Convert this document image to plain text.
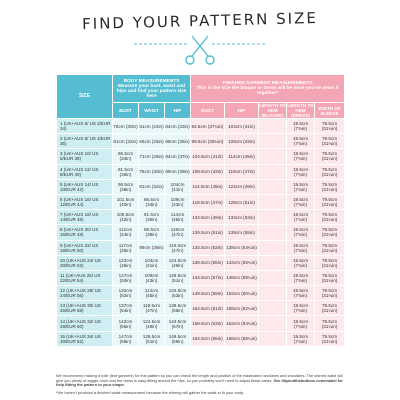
FIND YOUR PATTERN SIZE
SIZE	BODY MEASUREMENTS
Measure your bust, waist and hips and find your pattern size here			FINISHED GARMENT MEASUREMENTS
This is the size the blouse or dress will be once you've sewn it together*				
	BUST	WAIST	HIP	BUST	HIP	LENGTH TO HEM (BLOUSE)	LENGTH TO HEM (DRESS)	WIDTH OF SLEEVE
1 (UK+AUS 6/ US 2/EUR 34)	76cm (30in)	61cm (24in)	84cm (33in)	94.5cm (37¼in)	104cm (41in)		19.5cm (7¾in)	79.5cm (31¼in)
2 (UK+AUS 8/ US 4/EUR 36)	81cm (32in)	66cm (26in)	89cm (35in)	99.5cm (39¼in)	109cm (43in)		19.5cm (7¾in)	79.5cm (31¼in)
3 (UK+AUS 10/ US 6/EUR 38)	86.5cm (34in)	71cm (28in)	94cm (37in)	104.5cm (41in)	114cm (45in)		19.5cm (7¾in)	79.5cm (31¼in)
4 (UK+AUS 12/ US 8/EUR 40)	91.5cm (36in)	76cm (30in)	99cm (39in)	109.5cm (43in)	119cm (47in)		19.5cm (7¾in)	79.5cm (31¼in)
5 (UK+AUS 14/ US 10/EUR 42)	96.5cm (38in)	81cm (32in)	104cm (41in)	114.5cm (45in)	124cm (49in)		19.5cm (7¾in)	79.5cm (31¼in)
6 (UK+AUS 16/ US 12/EUR 44)	101.5cm (40in)	86.5cm (34in)	109cm (43in)	119.5cm (47in)	129cm (51in)		19.5cm (7¾in)	79.5cm (31¼in)
7 (UK+AUS 18/ US 14/EUR 46)	106.5cm (42in)	91.5cm (36in)	114cm (45in)	124.5cm (49in)	134cm (53in)		19.5cm (7¾in)	79.5cm (31¼in)
8 (UK+AUS 20/ US 16/EUR 48)	112cm (44in)	96.5cm (38in)	119cm (47in)	129.5cm (51in)	139cm (55in)		19.5cm (7¾in)	79.5cm (31¼in)
9 (UK+AUS 22/ US 18/EUR 50)	117cm (46in)	99cm (39in)	119.5cm (47in)	134.5cm (53in)	138cm (54¼in)		19.5cm (7¾in)	79.5cm (31¼in)
10 (UK+AUS 24/ US 20/EUR 52)	122cm (48in)	104cm (41in)	124.5cm (49in)	139.5cm (55in)	143cm (56¼in)		19.5cm (7¾in)	79.5cm (31¼in)
11 (UK+AUS 26/ US 22/EUR 54)	127cm (50in)	109cm (43in)	129.5cm (51in)	144.5cm (57in)	148cm (58¼in)		19.5cm (7¾in)	79.5cm (31¼in)
12 (UK+AUS 28/ US 24/EUR 56)	132cm (52in)	114cm (45in)	134.5cm (53in)	149.5cm (59in)	153cm (60¼in)		19.5cm (7¾in)	79.5cm (31¼in)
13 (UK+AUS 30/ US 26/EUR 58)	137cm (54in)	119.5cm (47in)	139.5cm (55in)	154.5cm (61in)	158cm (62¼in)		19.5cm (7¾in)	79.5cm (31¼in)
14 (UK+AUS 32/ US 28/EUR 60)	142cm (56in)	124.5cm (49in)	144.5cm (57in)	159.5cm (63in)	163cm (64¼in)		19.5cm (7¾in)	79.5cm (31¼in)
15 (UK+AUS 34/ US 30/EUR 62)	147cm (58in)	129.5cm (51in)	149.5cm (59in)	164.5cm (65in)	168cm (66¼in)		19.5cm (7¾in)	79.5cm (31¼in)
We recommend making a toile (test garment) for this pattern so you can check the length and position of the elasticated necklines and shoulders. The shirred waist will give you plenty of wiggle room and the dress is easy-fitting around the hips, so you probably won't need to adjust these areas. See tillyandthebuttons.com/mabel for help fitting the pattern to your shape.
*We haven't provided a finished waist measurement because the shirring will gather the waist to fit your body.
